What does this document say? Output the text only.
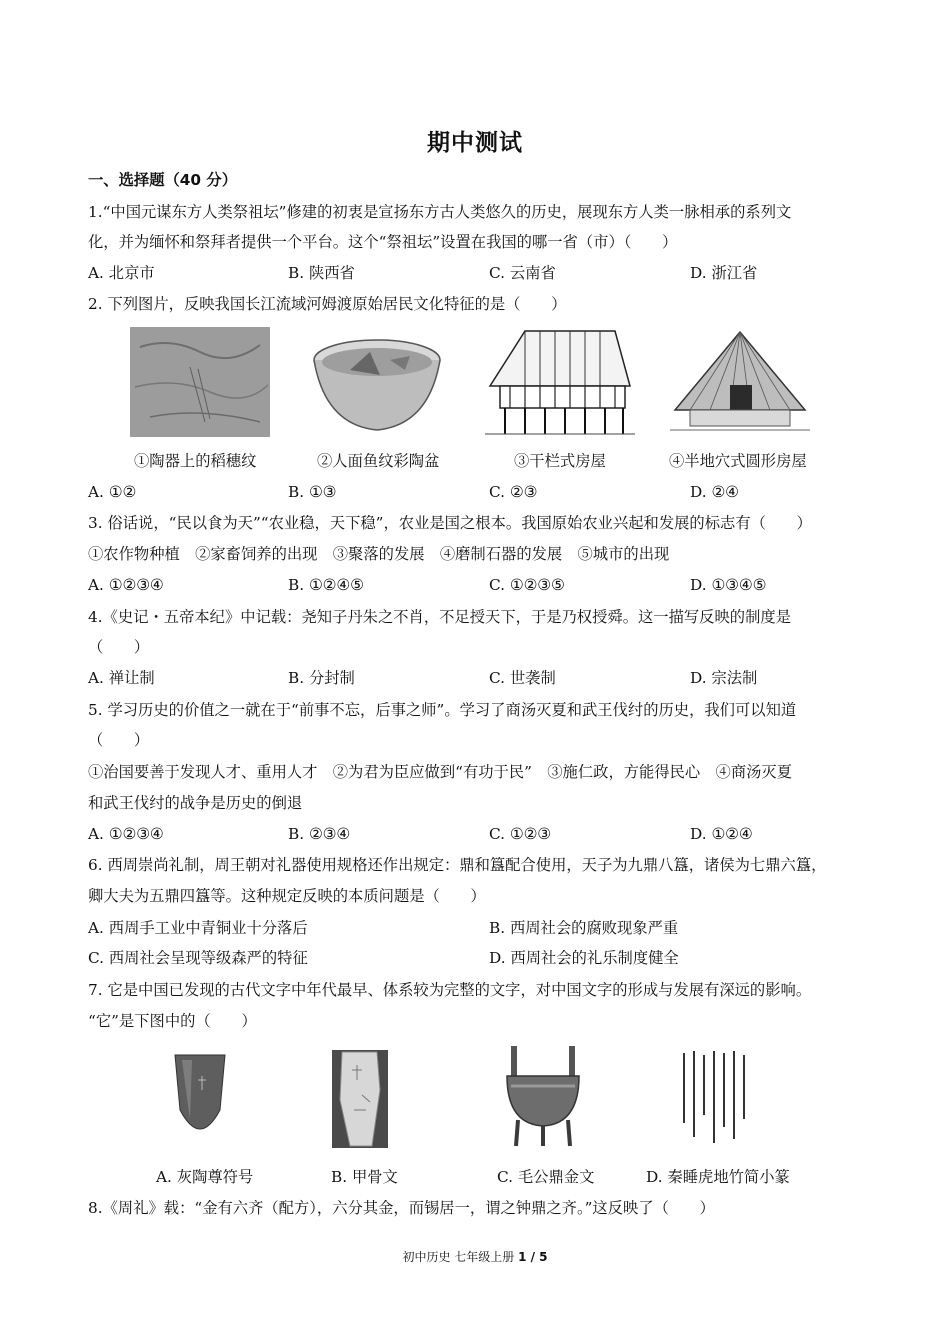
期中测试
一、选择题（40 分）
1.“中国元谋东方人类祭祖坛”修建的初衷是宣扬东方古人类悠久的历史，展现东方人类一脉相承的系列文
化，并为缅怀和祭拜者提供一个平台。这个“祭祖坛”设置在我国的哪一省（市）（　　）
A. 北京市	B. 陕西省	C. 云南省	D. 浙江省
2. 下列图片，反映我国长江流域河姆渡原始居民文化特征的是（　　）
①陶器上的稻穗纹	②人面鱼纹彩陶盆	③干栏式房屋	④半地穴式圆形房屋
A. ①②	B. ①③	C. ②③	D. ②④
3. 俗话说，“民以食为天”“农业稳，天下稳”，农业是国之根本。我国原始农业兴起和发展的标志有（　　）
①农作物种植　②家畜饲养的出现　③聚落的发展　④磨制石器的发展　⑤城市的出现
A. ①②③④	B. ①②④⑤	C. ①②③⑤	D. ①③④⑤
4.《史记・五帝本纪》中记载：尧知子丹朱之不肖，不足授天下，于是乃权授舜。这一描写反映的制度是
（　　）
A. 禅让制	B. 分封制	C. 世袭制	D. 宗法制
5. 学习历史的价值之一就在于“前事不忘，后事之师”。学习了商汤灭夏和武王伐纣的历史，我们可以知道
（　　）
①治国要善于发现人才、重用人才　②为君为臣应做到“有功于民”　③施仁政，方能得民心　④商汤灭夏
和武王伐纣的战争是历史的倒退
A. ①②③④	B. ②③④	C. ①②③	D. ①②④
6. 西周崇尚礼制，周王朝对礼器使用规格还作出规定：鼎和簋配合使用，天子为九鼎八簋，诸侯为七鼎六簋，
卿大夫为五鼎四簋等。这种规定反映的本质问题是（　　）
A. 西周手工业中青铜业十分落后	B. 西周社会的腐败现象严重
C. 西周社会呈现等级森严的特征	D. 西周社会的礼乐制度健全
7. 它是中国已发现的古代文字中年代最早、体系较为完整的文字，对中国文字的形成与发展有深远的影响。
“它”是下图中的（　　）
A. 灰陶尊符号	B. 甲骨文	C. 毛公鼎金文	D. 秦睡虎地竹简小篆
8.《周礼》载：“金有六齐（配方），六分其金，而锡居一，谓之钟鼎之齐。”这反映了（　　）
初中历史 七年级上册 1 / 5
